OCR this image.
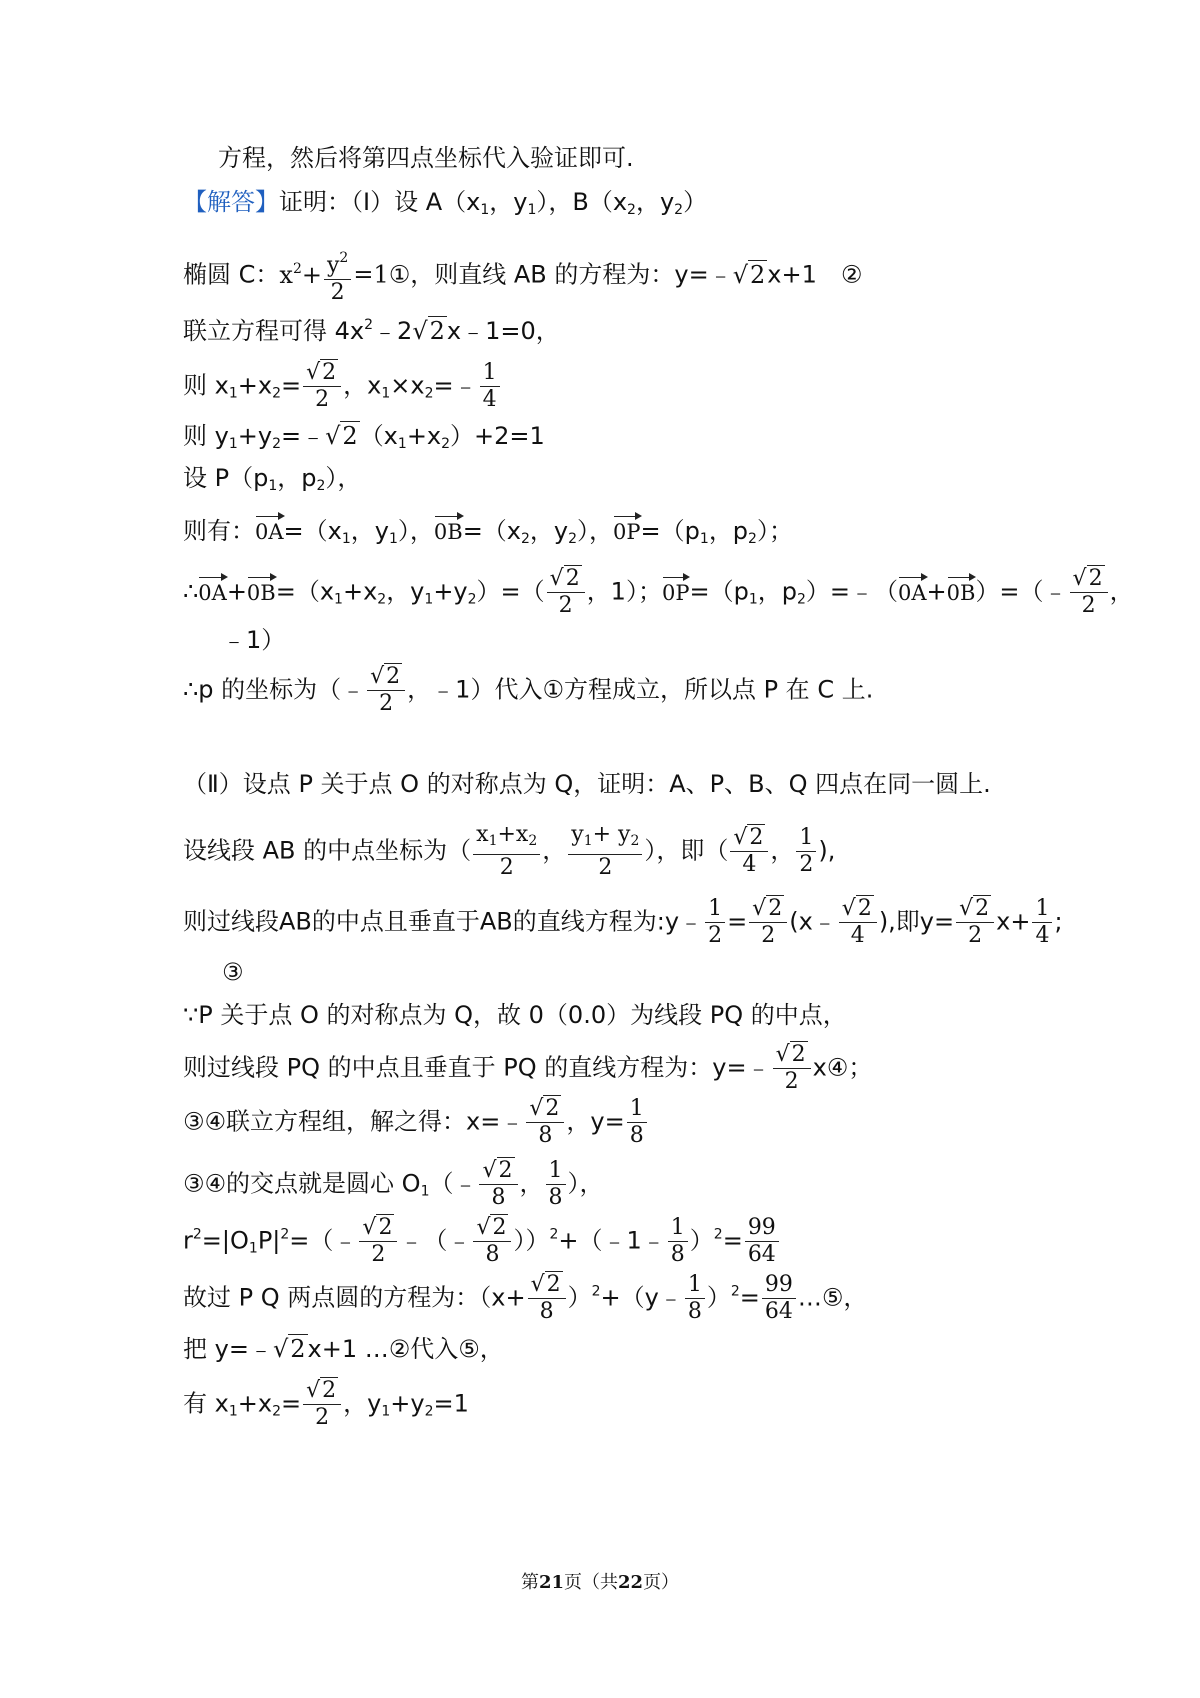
方程，然后将第四点坐标代入验证即可.
【解答】证明：（Ⅰ）设 $A(x_1$，$y_1$），$B(x_2$，$y_2$）
椭圆 C：$x^2+ \frac{y^2}{2}$ =1①，则直线 AB 的方程为：y=﹣√2x+1　②
联立方程可得 $4x^2﹣2√2x﹣1=0$，
则 $x_1+x_2= \frac{√2}{2}$ ，$x_1\times x_2=﹣ \frac{1}{4}$
则 $y_1+y_2=﹣√2(x_1+x_2)+2=1$
设 $P(p_1$，$p_2$），
则有：$0A=(x_1$，$y_1$），$0B=(x_2$，$y_2$），$0P=(p_1$，$p_2$）；
$\therefore 0A+0B=(x_1+x_2$，$y_1+y_2)=( \frac{√2}{2}$ ，1）；$0P=(p_1$，$p_2)=﹣(0A+0B)=(﹣ \frac{√2}{2}$ ，
﹣1）
∴p 的坐标为（﹣ $\frac{√2}{2}$ ，﹣1）代入①方程成立，所以点 P 在 C 上.
（Ⅱ）设点 P 关于点 O 的对称点为 Q，证明：A、P、B、Q 四点在同一圆上.
设线段 AB 的中点坐标为（ $\frac{x_1+x_2}{2}$ ， $\frac{y_1+ y_2}{2}$ ），即（ $\frac{√2}{4}$ ， $\frac{1}{2}$ ),
则过线段AB的中点且垂直于AB的直线方程为:y﹣ $\frac{1}{2} = \frac{√2}{2}$ (x﹣ $\frac{√2}{4}$ ),即$y= \frac{√2}{2} x+ \frac{1}{4}$ ;
③
∵P 关于点 O 的对称点为 Q，故 0（0.0）为线段 PQ 的中点，
则过线段 PQ 的中点且垂直于 PQ 的直线方程为：y=﹣ $\frac{√2}{2}$ x④；
③④联立方程组，解之得：x=﹣ $\frac{√2}{8}$ ，$y= \frac{1}{8}$
③④的交点就是圆心 $O_1(﹣ \frac{√2}{8}$ ， $\frac{1}{8}$ ），
$r^2=|O_1P|^2=(﹣ \frac{√2}{2}$ ﹣（﹣ $\frac{√2}{8}$ ））$^2$+（﹣1﹣ $\frac{1}{8} )^2= \frac{99}{64}$
故过 P Q 两点圆的方程为：（$x+ \frac{√2}{8}$ ）$^2+(y﹣ \frac{1}{8} )^2= \frac{99}{64}$ …⑤，
把 y=﹣√2x+1 …②代入⑤，
有 $x_1+x_2= \frac{√2}{2}$ ，$y_1+y_2=1$
第21页（共22页）
